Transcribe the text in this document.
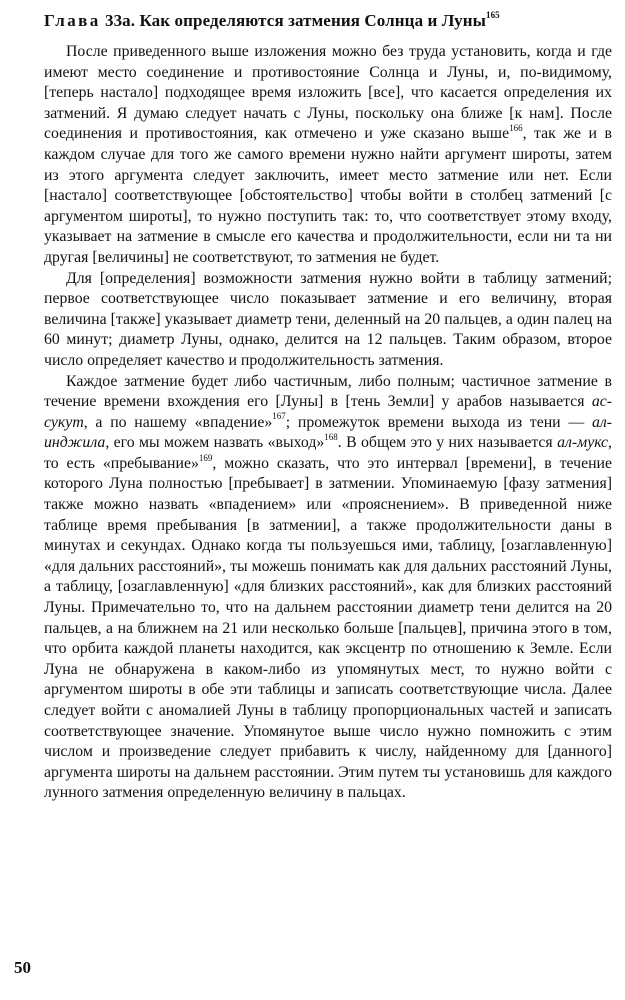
Глава 33а. Как определяются затмения Солнца и Луны$^{165}$

После приведенного выше изложения можно без труда установить, когда и где имеют место соединение и противостояние Солнца и Луны, и, по-видимому, [теперь настало] подходящее время изложить [все], что касается определения их затмений. Я думаю следует начать с Луны, поскольку она ближе [к нам]. После соединения и противостояния, как отмечено и уже сказано выше$^{166}$, так же и в каждом случае для того же самого времени нужно найти аргумент широты, затем из этого аргумента следует заключить, имеет место затмение или нет. Если [настало] соответствующее [обстоятельство] чтобы войти в столбец затмений [с аргументом широты], то нужно поступить так: то, что соответствует этому входу, указывает на затмение в смысле его качества и продолжительности, если ни та ни другая [величины] не соответствуют, то затмения не будет.

Для [определения] возможности затмения нужно войти в таблицу затмений; первое соответствующее число показывает затмение и его величину, вторая величина [также] указывает диаметр тени, деленный на 20 пальцев, а один палец на 60 минут; диаметр Луны, однако, делится на 12 пальцев. Таким образом, второе число определяет качество и продолжительность затмения.

Каждое затмение будет либо частичным, либо полным; частичное затмение в течение времени вхождения его [Луны] в [тень Земли] у арабов называется ас-сукут, а по нашему «впадение»$^{167}$; промежуток времени выхода из тени — ал-инджила, его мы можем назвать «выход»$^{168}$. В общем это у них называется ал-мукс, то есть «пребывание»$^{169}$, можно сказать, что это интервал [времени], в течение которого Луна полностью [пребывает] в затмении. Упоминаемую [фазу затмения] также можно назвать «впадением» или «прояснением». В приведенной ниже таблице время пребывания [в затмении], а также продолжительности даны в минутах и секундах. Однако когда ты пользуешься ими, таблицу, [озаглавленную] «для дальних расстояний», ты можешь понимать как для дальних расстояний Луны, а таблицу, [озаглавленную] «для близких расстояний», как для близких расстояний Луны. Примечательно то, что на дальнем расстоянии диаметр тени делится на 20 пальцев, а на ближнем на 21 или несколько больше [пальцев], причина этого в том, что орбита каждой планеты находится, как эксцентр по отношению к Земле. Если Луна не обнаружена в каком-либо из упомянутых мест, то нужно войти с аргументом широты в обе эти таблицы и записать соответствующие числа. Далее следует войти с аномалией Луны в таблицу пропорциональных частей и записать соответствующее значение. Упомянутое выше число нужно помножить с этим числом и произведение следует прибавить к числу, найденному для [данного] аргумента широты на дальнем расстоянии. Этим путем ты установишь для каждого лунного затмения определенную величину в пальцах.

50
